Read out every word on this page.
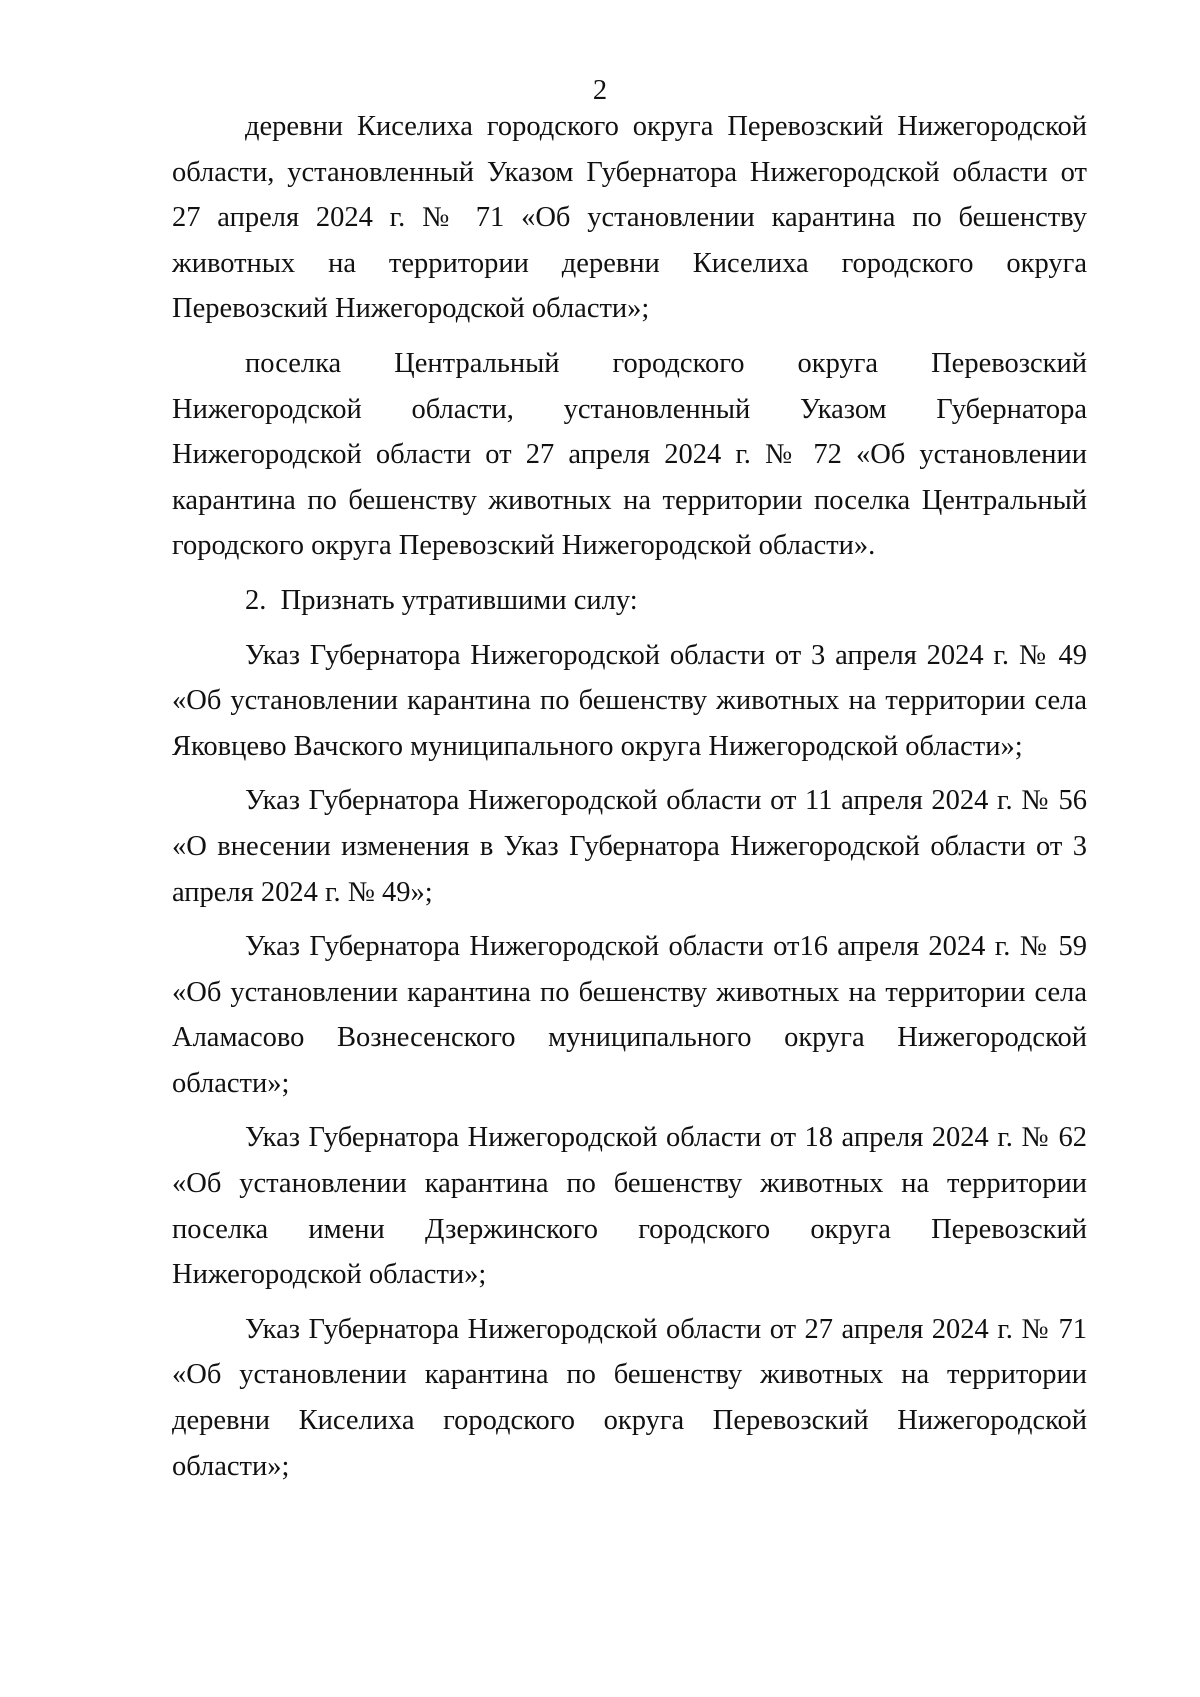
2

деревни Киселиха городского округа Перевозский Нижегородской области, установленный Указом Губернатора Нижегородской области от 27 апреля 2024 г. № 71 «Об установлении карантина по бешенству животных на территории деревни Киселиха городского округа Перевозский Нижегородской области»;

поселка Центральный городского округа Перевозский Нижегородской области, установленный Указом Губернатора Нижегородской области от 27 апреля 2024 г. № 72 «Об установлении карантина по бешенству животных на территории поселка Центральный городского округа Перевозский Нижегородской области».

2.  Признать утратившими силу:

Указ Губернатора Нижегородской области от 3 апреля 2024 г. № 49 «Об установлении карантина по бешенству животных на территории села Яковцево Вачского муниципального округа Нижегородской области»;

Указ Губернатора Нижегородской области от 11 апреля 2024 г. № 56 «О внесении изменения в Указ Губернатора Нижегородской области от 3 апреля 2024 г. № 49»;

Указ Губернатора Нижегородской области от16 апреля 2024 г. № 59 «Об установлении карантина по бешенству животных на территории села Аламасово Вознесенского муниципального округа Нижегородской области»;

Указ Губернатора Нижегородской области от 18 апреля 2024 г. № 62 «Об установлении карантина по бешенству животных на территории поселка имени Дзержинского городского округа Перевозский Нижегородской области»;

Указ Губернатора Нижегородской области от 27 апреля 2024 г. № 71 «Об установлении карантина по бешенству животных на территории деревни Киселиха городского округа Перевозский Нижегородской области»;
